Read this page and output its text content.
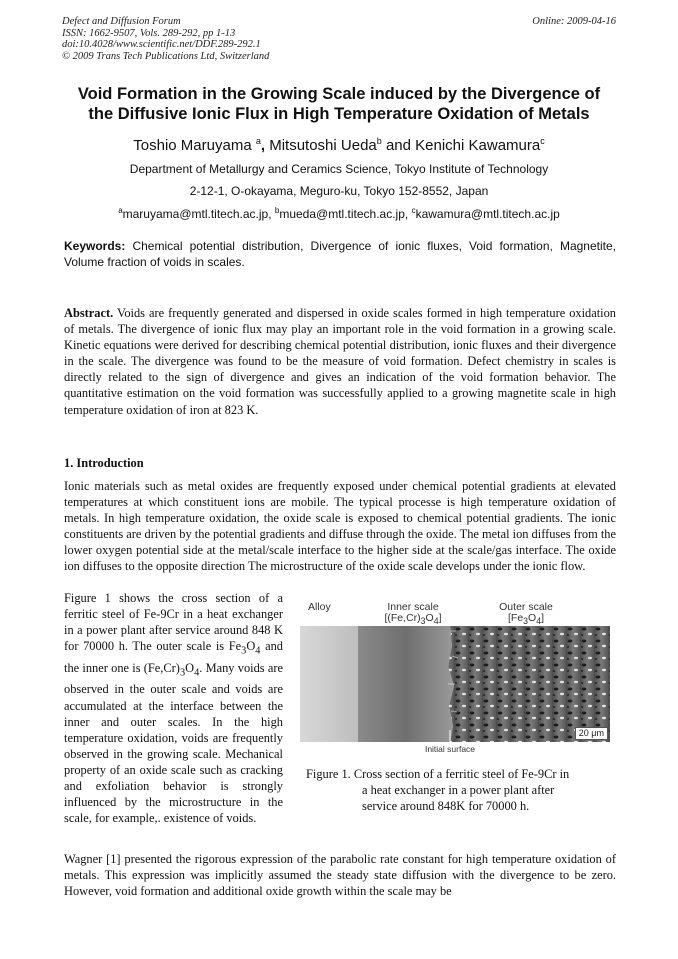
Defect and Diffusion Forum
ISSN: 1662-9507, Vols. 289-292, pp 1-13
doi:10.4028/www.scientific.net/DDF.289-292.1
© 2009 Trans Tech Publications Ltd, Switzerland
Online: 2009-04-16
Void Formation in the Growing Scale induced by the Divergence of
the Diffusive Ionic Flux in High Temperature Oxidation of Metals
Toshio Maruyama $^a$, Mitsutoshi Ueda$^b$ and Kenichi Kawamura$^c$
Department of Metallurgy and Ceramics Science, Tokyo Institute of Technology
2-12-1, O-okayama, Meguro-ku, Tokyo 152-8552, Japan
$^a$maruyama@mtl.titech.ac.jp, $^b$mueda@mtl.titech.ac.jp, $^c$kawamura@mtl.titech.ac.jp
Keywords: Chemical potential distribution, Divergence of ionic fluxes, Void formation, Magnetite, Volume fraction of voids in scales.
Abstract. Voids are frequently generated and dispersed in oxide scales formed in high temperature oxidation of metals. The divergence of ionic flux may play an important role in the void formation in a growing scale. Kinetic equations were derived for describing chemical potential distribution, ionic fluxes and their divergence in the scale. The divergence was found to be the measure of void formation. Defect chemistry in scales is directly related to the sign of divergence and gives an indication of the void formation behavior. The quantitative estimation on the void formation was successfully applied to a growing magnetite scale in high temperature oxidation of iron at 823 K.
1. Introduction
Ionic materials such as metal oxides are frequently exposed under chemical potential gradients at elevated temperatures at which constituent ions are mobile. The typical processe is high temperature oxidation of metals. In high temperature oxidation, the oxide scale is exposed to chemical potential gradients. The ionic constituents are driven by the potential gradients and diffuse through the oxide. The metal ion diffuses from the lower oxygen potential side at the metal/scale interface to the higher side at the scale/gas interface. The oxide ion diffuses to the opposite direction The microstructure of the oxide scale develops under the ionic flow.
Figure 1 shows the cross section of a ferritic steel of Fe-9Cr in a heat exchanger in a power plant after service around 848 K for 70000 h. The outer scale is $Fe_3O_4$ and the inner one is $(Fe,Cr)_3O_4$. Many voids are observed in the outer scale and voids are accumulated at the interface between the inner and outer scales. In the high temperature oxidation, voids are frequently observed in the growing scale. Mechanical property of an oxide scale such as cracking and exfoliation behavior is strongly influenced by the microstructure in the scale, for example,. existence of voids.
Alloy	Inner scale
$[(Fe,Cr)_3O_4]$
Outer scale
$[Fe_3O_4]$
20 μm
Initial surface
Figure 1. Cross section of a ferritic steel of Fe-9Cr in
a heat exchanger in a power plant after
service around 848K for 70000 h.
Wagner [1] presented the rigorous expression of the parabolic rate constant for high temperature oxidation of metals. This expression was implicitly assumed the steady state diffusion with the divergence to be zero. However, void formation and additional oxide growth within the scale may be
